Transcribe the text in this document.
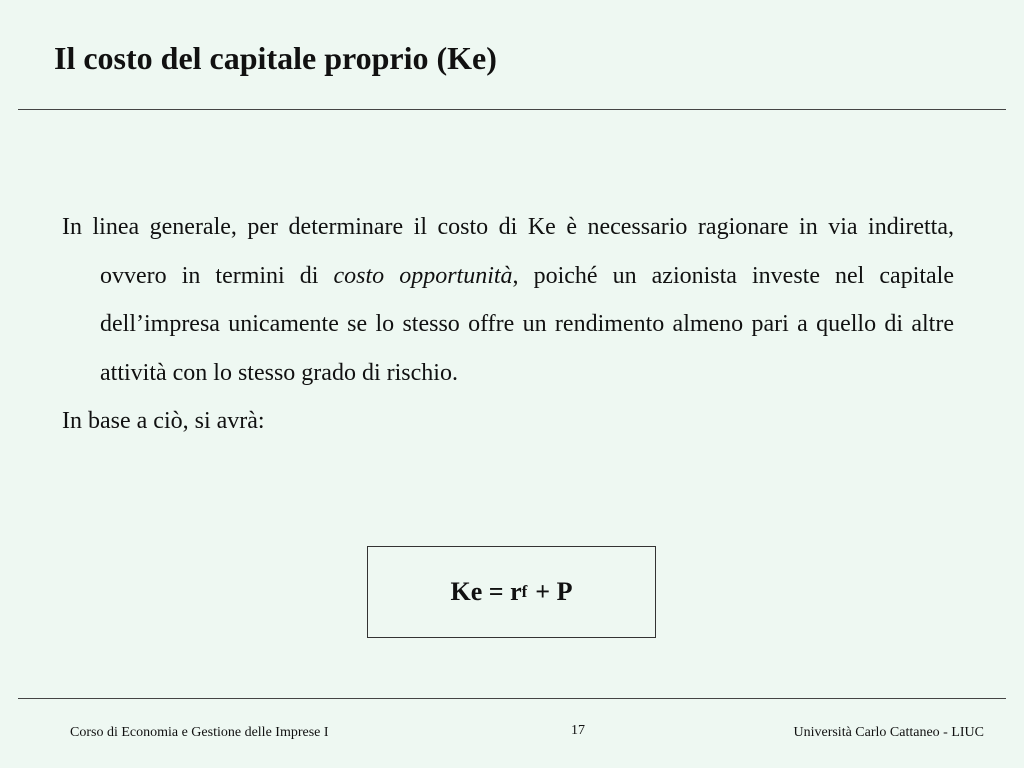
Il costo del capitale proprio (Ke)

In linea generale, per determinare il costo di Ke è necessario ragionare in via indiretta, ovvero in termini di costo opportunità, poiché un azionista investe nel capitale dell’impresa unicamente se lo stesso offre un rendimento almeno pari a quello di altre attività con lo stesso grado di rischio.

In base a ciò, si avrà:

Ke = r f + P
Corso di Economia e Gestione delle Imprese I	17	Università Carlo Cattaneo - LIUC
